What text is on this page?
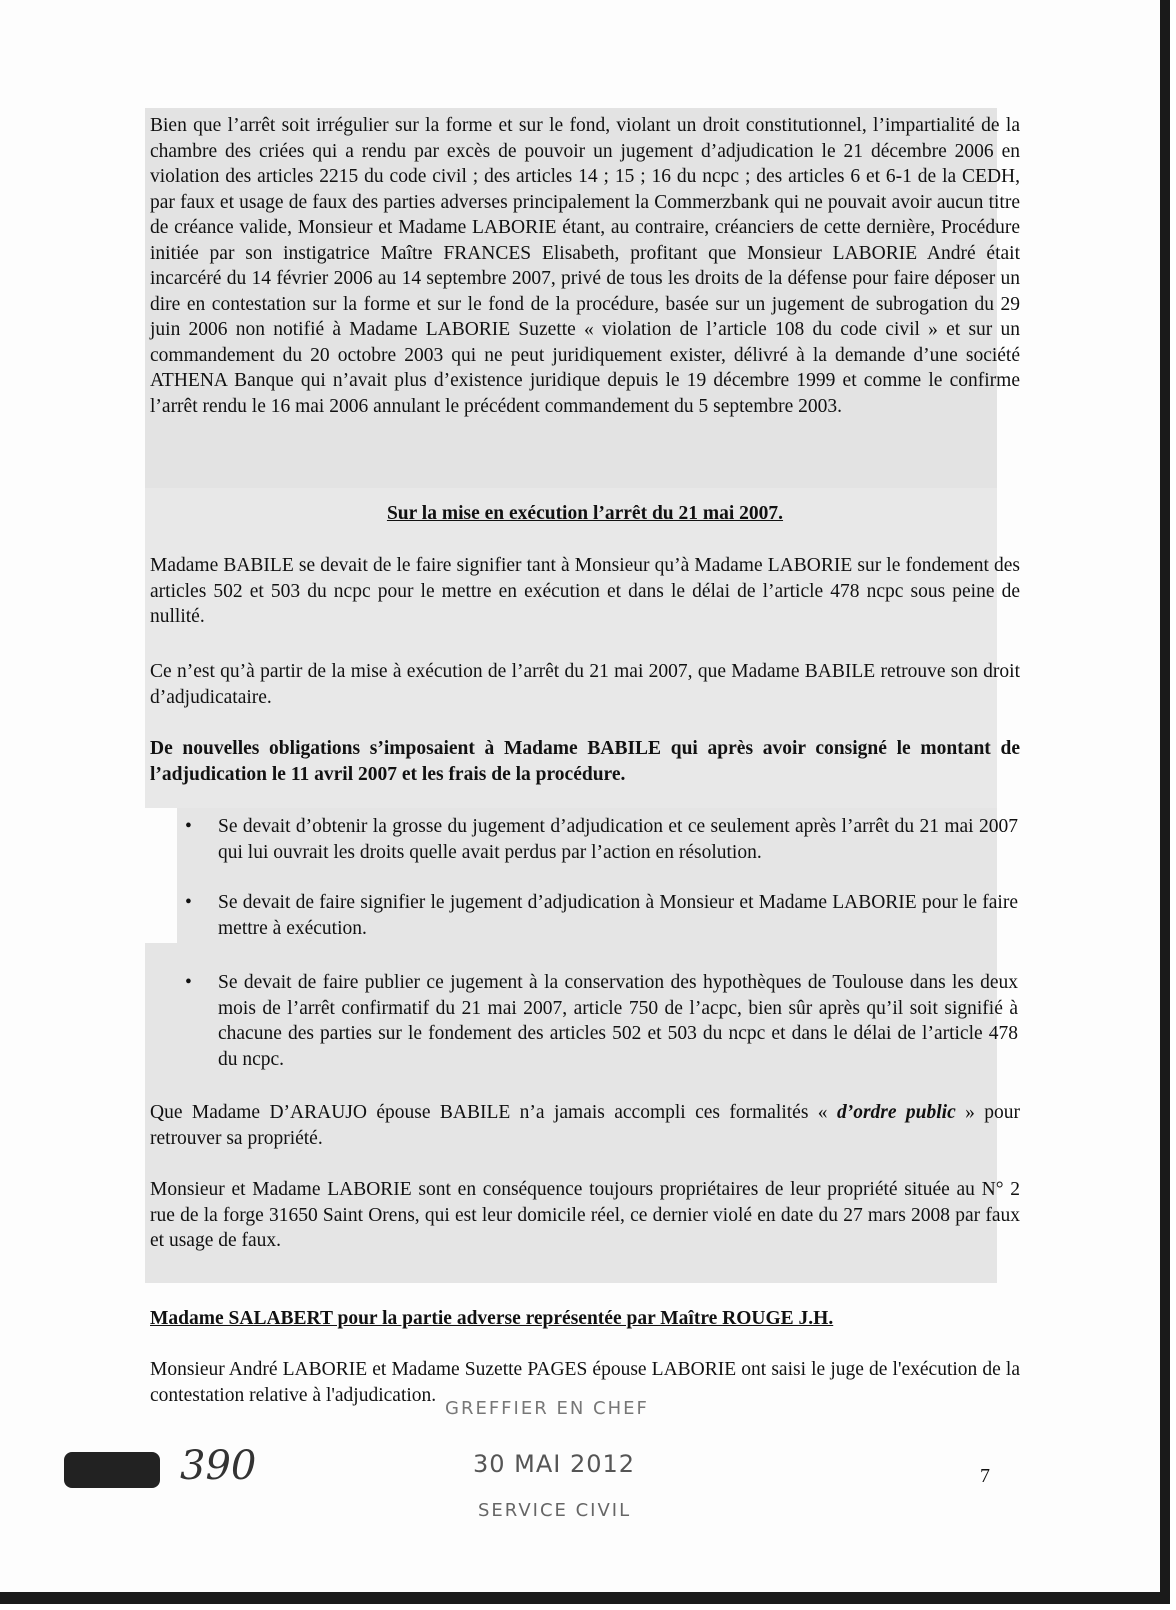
Bien que l’arrêt soit irrégulier sur la forme et sur le fond, violant un droit constitutionnel, l’impartialité de la chambre des criées qui a rendu par excès de pouvoir un jugement d’adjudication le 21 décembre 2006 en violation des articles 2215 du code civil ; des articles 14 ; 15 ; 16 du ncpc ; des articles 6 et 6-1 de la CEDH, par faux et usage de faux des parties adverses principalement la Commerzbank qui ne pouvait avoir aucun titre de créance valide, Monsieur et Madame LABORIE étant, au contraire, créanciers de cette dernière, Procédure initiée par son instigatrice Maître FRANCES Elisabeth, profitant que Monsieur LABORIE André était incarcéré du 14 février 2006 au 14 septembre 2007, privé de tous les droits de la défense pour faire déposer un dire en contestation sur la forme et sur le fond de la procédure, basée sur un jugement de subrogation du 29 juin 2006 non notifié à Madame LABORIE Suzette « violation de l’article 108 du code civil » et sur un commandement du 20 octobre 2003 qui ne peut juridiquement exister, délivré à la demande d’une société ATHENA Banque qui n’avait plus d’existence juridique depuis le 19 décembre 1999 et comme le confirme l’arrêt rendu le 16 mai 2006 annulant le précédent commandement du 5 septembre 2003.
Sur la mise en exécution l’arrêt du 21 mai 2007.
Madame BABILE se devait de le faire signifier tant à Monsieur qu’à Madame LABORIE sur le fondement des articles 502 et 503 du ncpc pour le mettre en exécution et dans le délai de l’article 478 ncpc sous peine de nullité.
Ce n’est qu’à partir de la mise à exécution de l’arrêt du 21 mai 2007, que Madame BABILE retrouve son droit d’adjudicataire.
De nouvelles obligations s’imposaient à Madame BABILE qui après avoir consigné le montant de l’adjudication le 11 avril 2007 et les frais de la procédure.
• Se devait d’obtenir la grosse du jugement d’adjudication et ce seulement après l’arrêt du 21 mai 2007 qui lui ouvrait les droits quelle avait perdus par l’action en résolution.
• Se devait de faire signifier le jugement d’adjudication à Monsieur et Madame LABORIE pour le faire mettre à exécution.
• Se devait de faire publier ce jugement à la conservation des hypothèques de Toulouse dans les deux mois de l’arrêt confirmatif du 21 mai 2007, article 750 de l’acpc, bien sûr après qu’il soit signifié à chacune des parties sur le fondement des articles 502 et 503 du ncpc et dans le délai de l’article 478 du ncpc.
Que Madame D’ARAUJO épouse BABILE n’a jamais accompli ces formalités « d’ordre public » pour retrouver sa propriété.
Monsieur et Madame LABORIE sont en conséquence toujours propriétaires de leur propriété située au N° 2 rue de la forge 31650 Saint Orens, qui est leur domicile réel, ce dernier violé en date du 27 mars 2008 par faux et usage de faux.
Madame SALABERT pour la partie adverse représentée par Maître ROUGE J.H.
Monsieur André LABORIE et Madame Suzette PAGES épouse LABORIE ont saisi le juge de l'exécution de la contestation relative à l'adjudication.
GREFFIER EN CHEF
30 MAI 2012
SERVICE CIVIL
390	7
